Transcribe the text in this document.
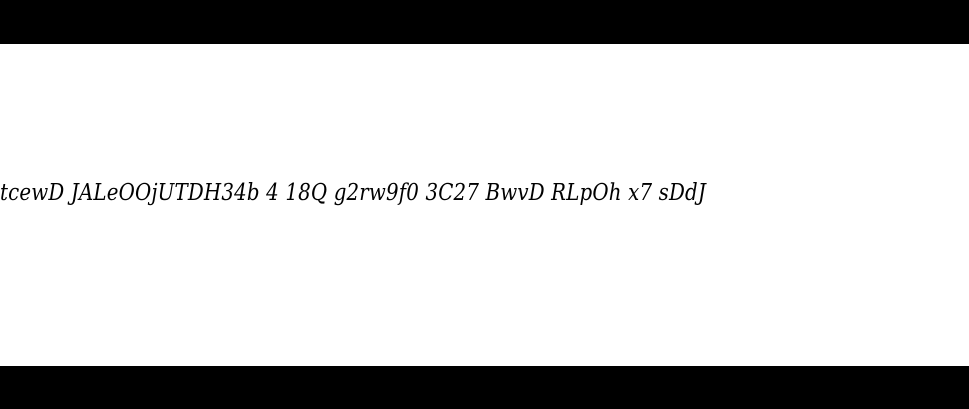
tcewD JALeOOjUTDH34b 4 18Q g2rw9f0 3C27 BwvD RLpOh x7 sDdJ
